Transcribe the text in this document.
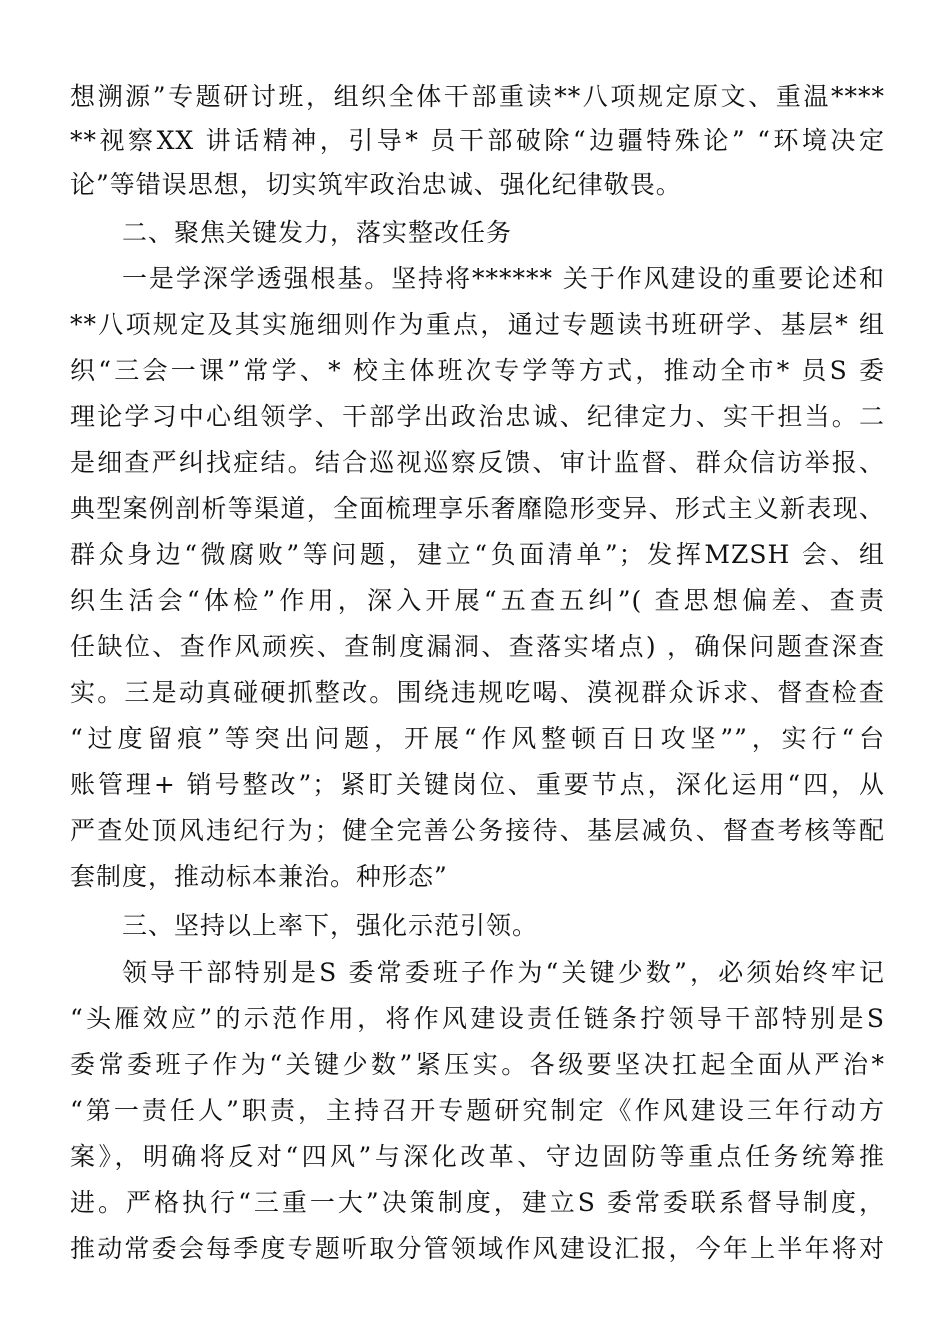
想溯源”专题研讨班，组织全体干部重读**八项规定原文、重温****
**视察XX 讲话精神，引导* 员干部破除“边疆特殊论” “环境决定
论”等错误思想，切实筑牢政治忠诚、强化纪律敬畏。
二、聚焦关键发力，落实整改任务
一是学深学透强根基。坚持将****** 关于作风建设的重要论述和
**八项规定及其实施细则作为重点，通过专题读书班研学、基层* 组
织“三会一课”常学、* 校主体班次专学等方式，推动全市* 员S 委
理论学习中心组领学、干部学出政治忠诚、纪律定力、实干担当。二
是细查严纠找症结。结合巡视巡察反馈、审计监督、群众信访举报、
典型案例剖析等渠道，全面梳理享乐奢靡隐形变异、形式主义新表现、
群众身边“微腐败”等问题，建立“负面清单”；发挥MZSH 会、组
织生活会“体检”作用，深入开展“五查五纠”( 查思想偏差、查责
任缺位、查作风顽疾、查制度漏洞、查落实堵点) ，确保问题查深查
实。三是动真碰硬抓整改。围绕违规吃喝、漠视群众诉求、督查检查
“过度留痕”等突出问题，开展“作风整顿百日攻坚””，实行“台
账管理+ 销号整改”；紧盯关键岗位、重要节点，深化运用“四，从
严查处顶风违纪行为；健全完善公务接待、基层减负、督查考核等配
套制度，推动标本兼治。种形态”
三、坚持以上率下，强化示范引领。
领导干部特别是S 委常委班子作为“关键少数”，必须始终牢记
“头雁效应”的示范作用，将作风建设责任链条拧领导干部特别是S
委常委班子作为“关键少数”紧压实。各级要坚决扛起全面从严治*
“第一责任人”职责，主持召开专题研究制定《作风建设三年行动方
案》，明确将反对“四风”与深化改革、守边固防等重点任务统筹推
进。严格执行“三重一大”决策制度，建立S 委常委联系督导制度，
推动常委会每季度专题听取分管领域作风建设汇报，今年上半年将对
